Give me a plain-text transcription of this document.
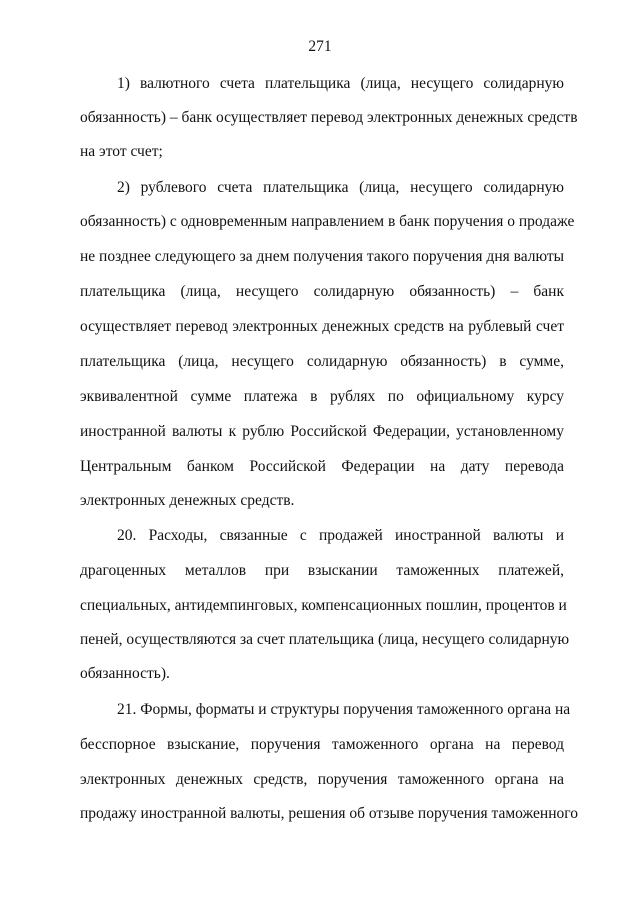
271
1) валютного счета плательщика (лица, несущего солидарную
обязанность) – банк осуществляет перевод электронных денежных средств
на этот счет;
2) рублевого счета плательщика (лица, несущего солидарную
обязанность) с одновременным направлением в банк поручения о продаже
не позднее следующего за днем получения такого поручения дня валюты
плательщика (лица, несущего солидарную обязанность) – банк
осуществляет перевод электронных денежных средств на рублевый счет
плательщика (лица, несущего солидарную обязанность) в сумме,
эквивалентной сумме платежа в рублях по официальному курсу
иностранной валюты к рублю Российской Федерации, установленному
Центральным банком Российской Федерации на дату перевода
электронных денежных средств.
20. Расходы, связанные с продажей иностранной валюты и
драгоценных металлов при взыскании таможенных платежей,
специальных, антидемпинговых, компенсационных пошлин, процентов и
пеней, осуществляются за счет плательщика (лица, несущего солидарную
обязанность).
21. Формы, форматы и структуры поручения таможенного органа на
бесспорное взыскание, поручения таможенного органа на перевод
электронных денежных средств, поручения таможенного органа на
продажу иностранной валюты, решения об отзыве поручения таможенного
